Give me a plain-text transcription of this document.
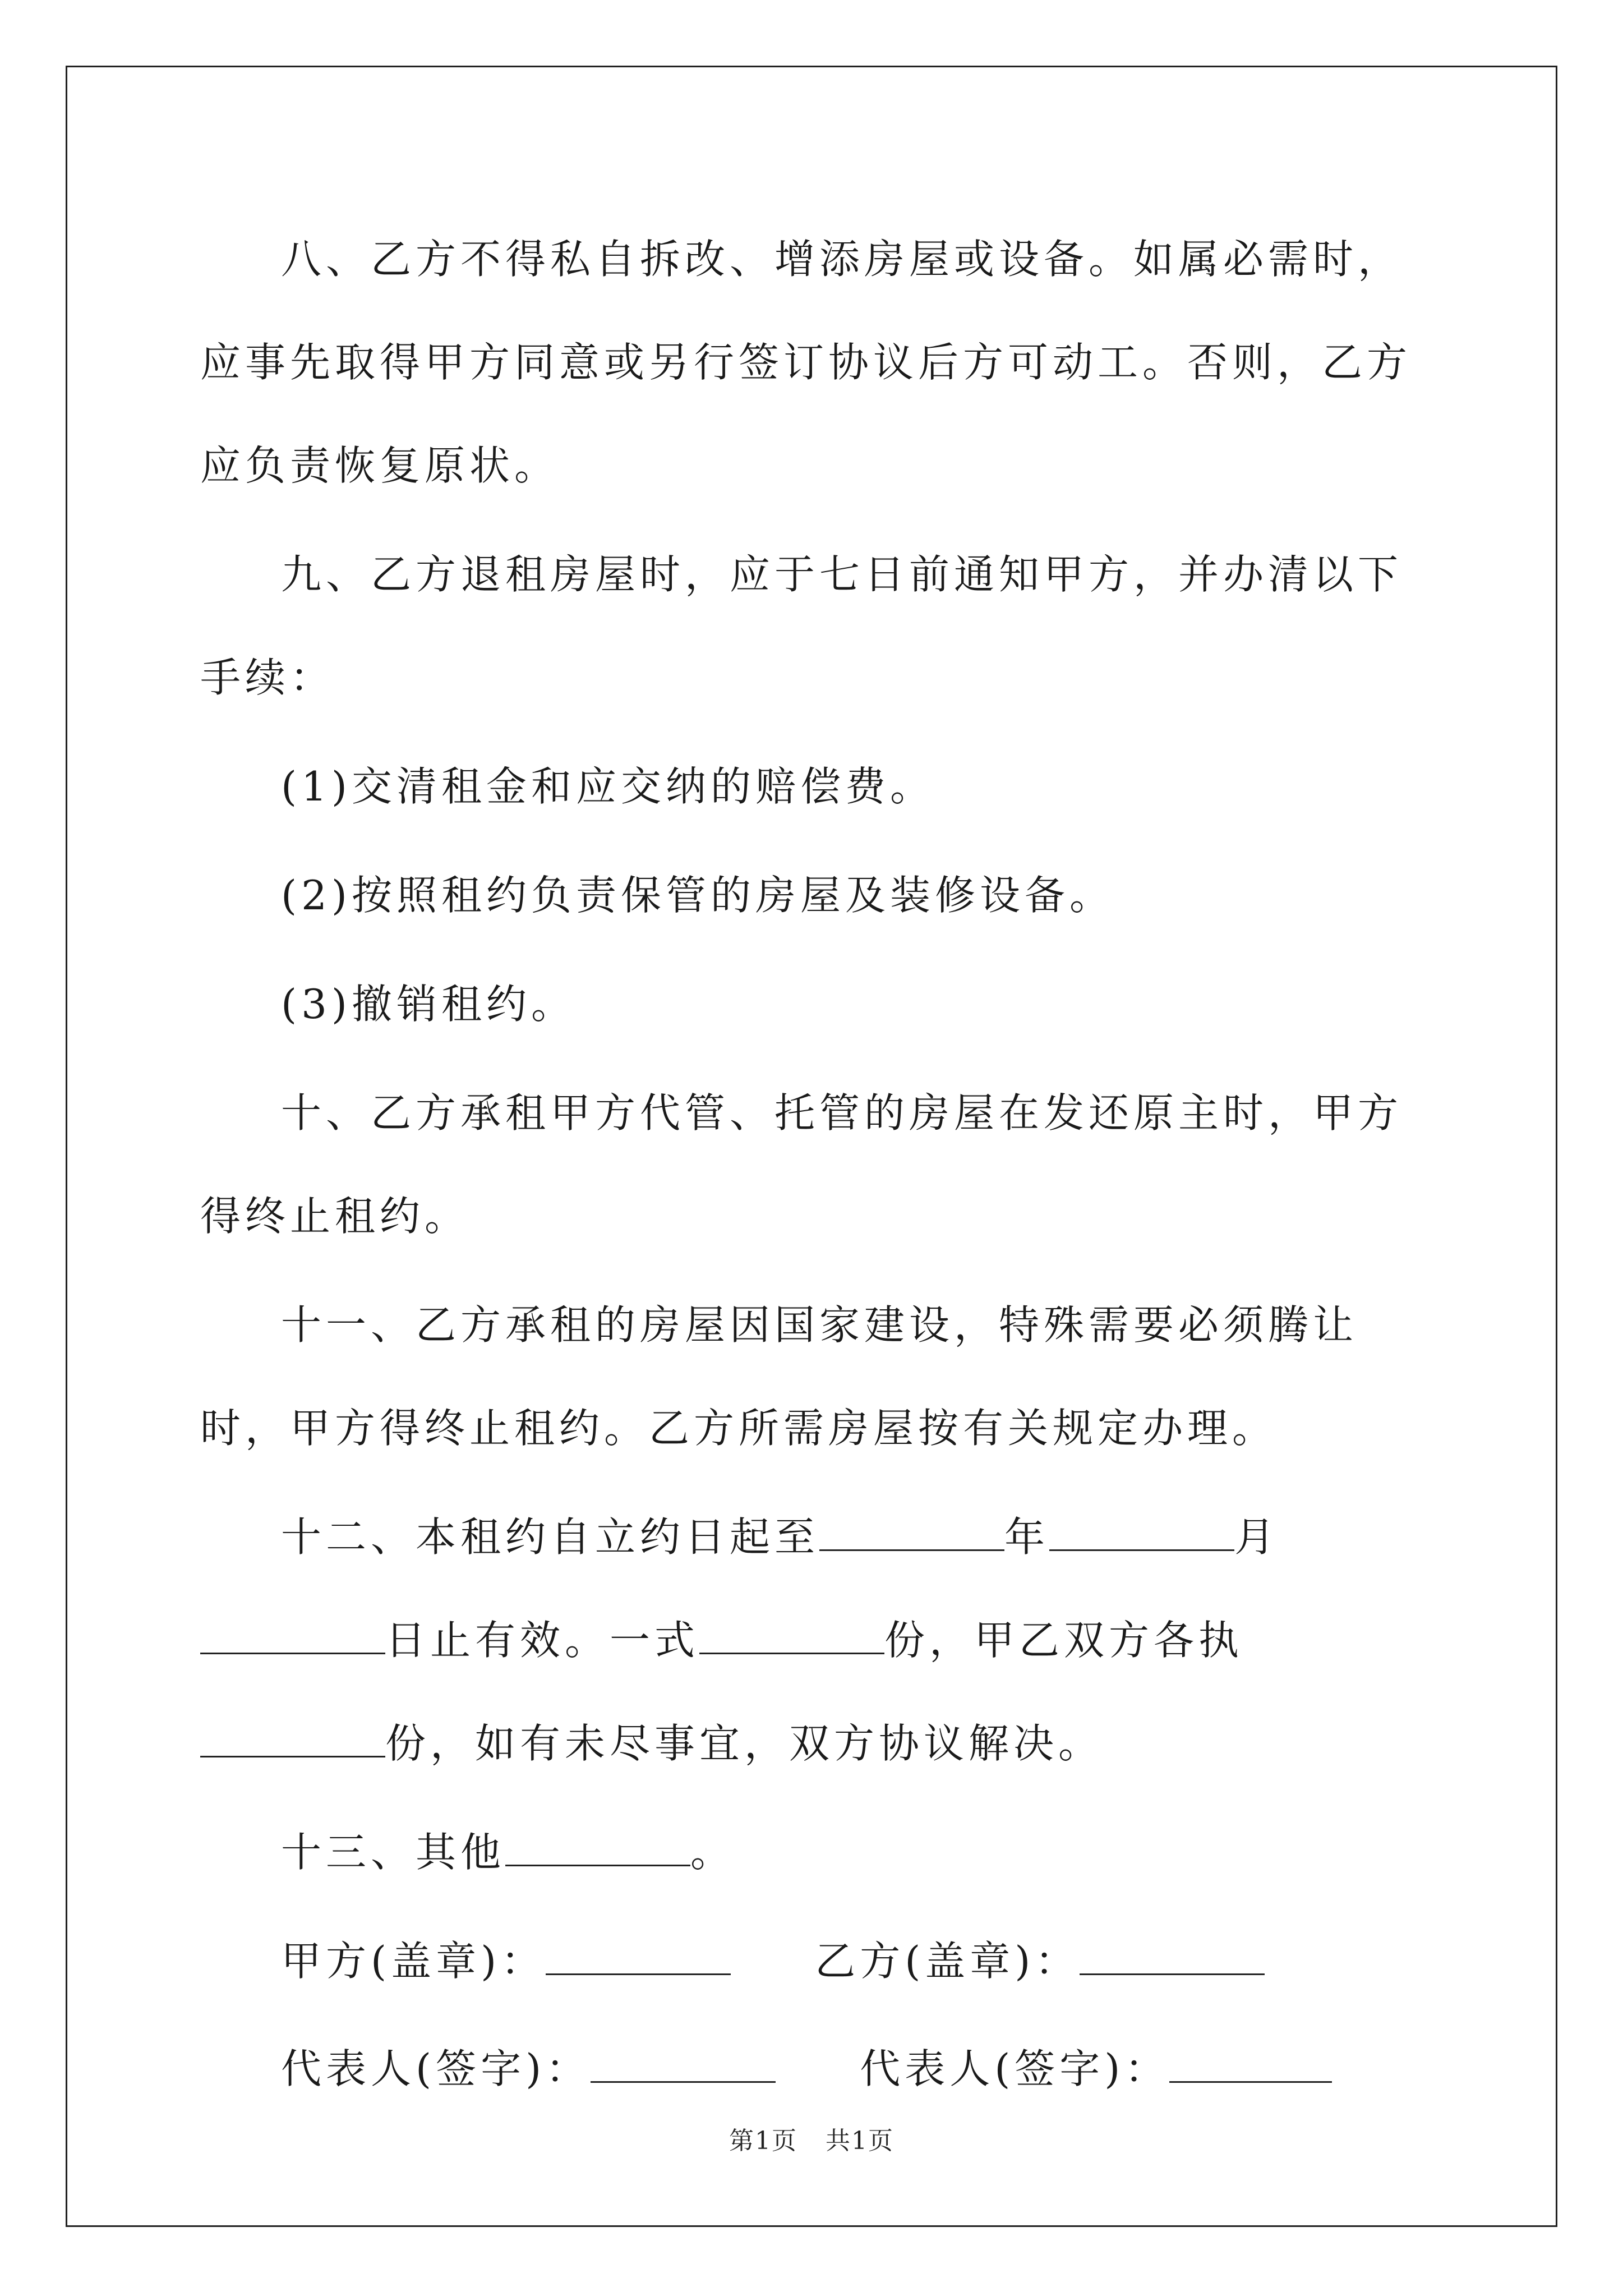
八、乙方不得私自拆改、增添房屋或设备。如属必需时，应事先取得甲方同意或另行签订协议后方可动工。否则，乙方应负责恢复原状。

九、乙方退租房屋时，应于七日前通知甲方，并办清以下手续：

(1)交清租金和应交纳的赔偿费。

(2)按照租约负责保管的房屋及装修设备。

(3)撤销租约。

十、乙方承租甲方代管、托管的房屋在发还原主时，甲方得终止租约。

十一、乙方承租的房屋因国家建设，特殊需要必须腾让时，甲方得终止租约。乙方所需房屋按有关规定办理。

十二、本租约自立约日起至	年	月日止有效。一式	份，甲乙双方各执份，如有未尽事宜，双方协议解决。

十三、其他	。

甲方(盖章)：	乙方(盖章)：
代表人(签字)：	代表人(签字)：
第1页 共1页
